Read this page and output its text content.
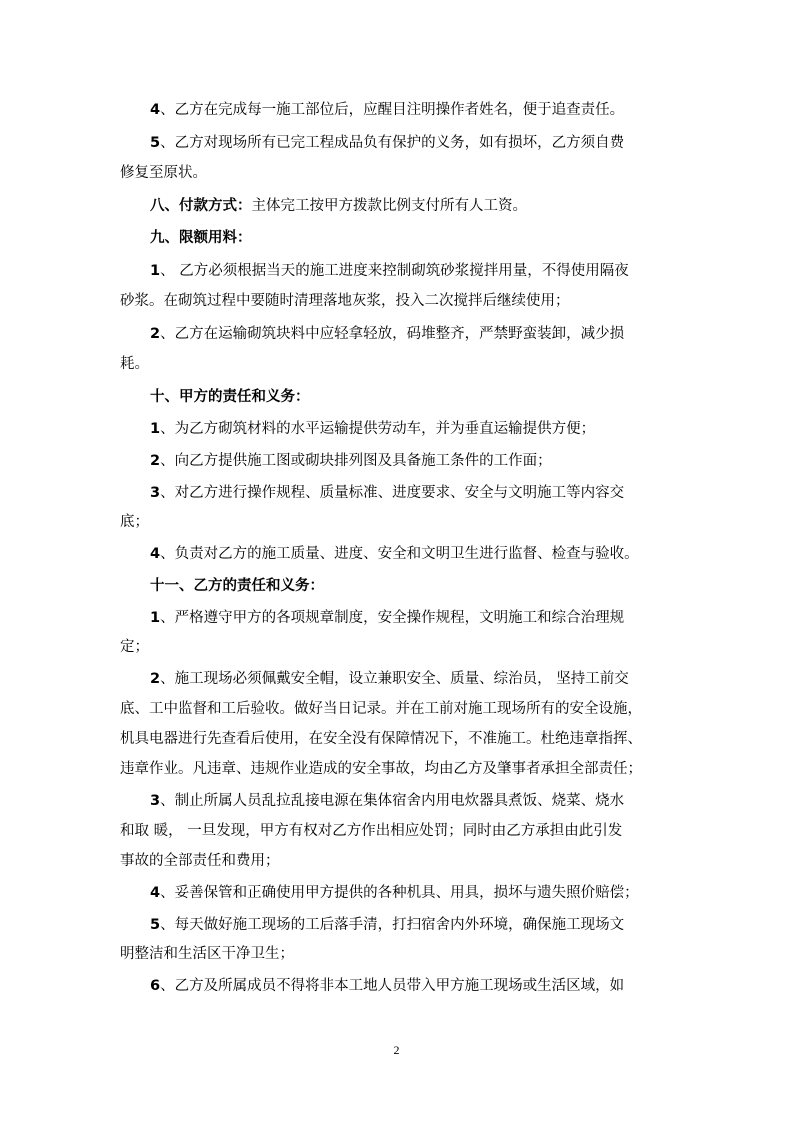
4、乙方在完成每一施工部位后，应醒目注明操作者姓名，便于追查责任。

5、乙方对现场所有已完工程成品负有保护的义务，如有损坏，乙方须自费

修复至原状。

八、付款方式：主体完工按甲方拨款比例支付所有人工资。

九、限额用料：

1、 乙方必须根据当天的施工进度来控制砌筑砂浆搅拌用量，不得使用隔夜

砂浆。在砌筑过程中要随时清理落地灰浆，投入二次搅拌后继续使用；

2、乙方在运输砌筑块料中应轻拿轻放，码堆整齐，严禁野蛮装卸，减少损

耗。

十、甲方的责任和义务：

1、为乙方砌筑材料的水平运输提供劳动车，并为垂直运输提供方便；

2、向乙方提供施工图或砌块排列图及具备施工条件的工作面；

3、对乙方进行操作规程、质量标准、进度要求、安全与文明施工等内容交

底；

4、负责对乙方的施工质量、进度、安全和文明卫生进行监督、检查与验收。

十一、乙方的责任和义务：

1、严格遵守甲方的各项规章制度，安全操作规程，文明施工和综合治理规

定；

2、施工现场必须佩戴安全帽，设立兼职安全、质量、综治员， 坚持工前交

底、工中监督和工后验收。做好当日记录。并在工前对施工现场所有的安全设施，

机具电器进行先查看后使用，在安全没有保障情况下，不准施工。杜绝违章指挥、

违章作业。凡违章、违规作业造成的安全事故，均由乙方及肇事者承担全部责任；

3、制止所属人员乱拉乱接电源在集体宿舍内用电炊器具煮饭、烧菜、烧水

和取 暖， 一旦发现，甲方有权对乙方作出相应处罚；同时由乙方承担由此引发

事故的全部责任和费用；

4、妥善保管和正确使用甲方提供的各种机具、用具，损坏与遗失照价赔偿；

5、每天做好施工现场的工后落手清，打扫宿舍内外环境，确保施工现场文

明整洁和生活区干净卫生；

6、乙方及所属成员不得将非本工地人员带入甲方施工现场或生活区域，如

2
